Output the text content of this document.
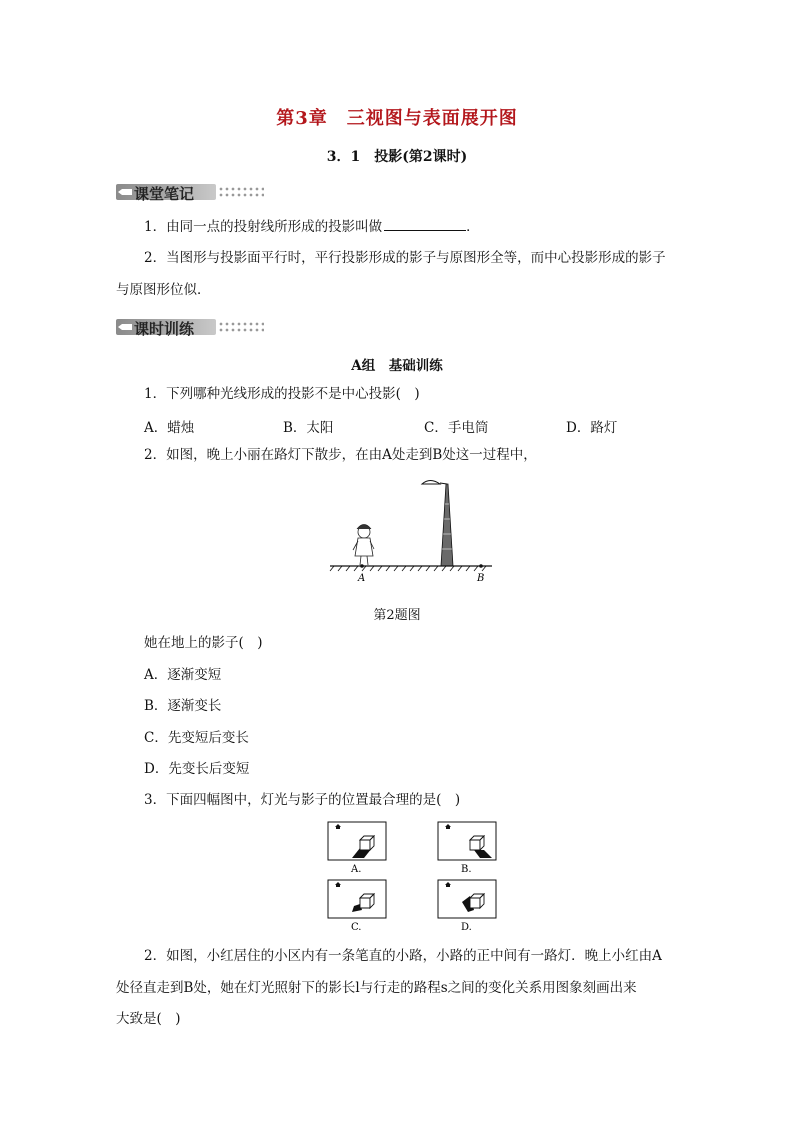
第3章　三视图与表面展开图
3．1　投影(第2课时)
课堂笔记
1．由同一点的投射线所形成的投影叫做	．
2．当图形与投影面平行时，平行投影形成的影子与原图形全等，而中心投影形成的影子
与原图形位似．
课时训练
A组　基础训练
1．下列哪种光线形成的投影不是中心投影(　)
A．蜡烛	B．太阳	C．手电筒	D．路灯
2．如图，晚上小丽在路灯下散步，在由A处走到B处这一过程中，
A	B
第2题图
她在地上的影子(　)
A．逐渐变短
B．逐渐变长
C．先变短后变长
D．先变长后变短
3．下面四幅图中，灯光与影子的位置最合理的是(　)
A.	B.
C.	D.
2．如图，小红居住的小区内有一条笔直的小路，小路的正中间有一路灯．晚上小红由A
处径直走到B处，她在灯光照射下的影长l与行走的路程s之间的变化关系用图象刻画出来
大致是(　)
